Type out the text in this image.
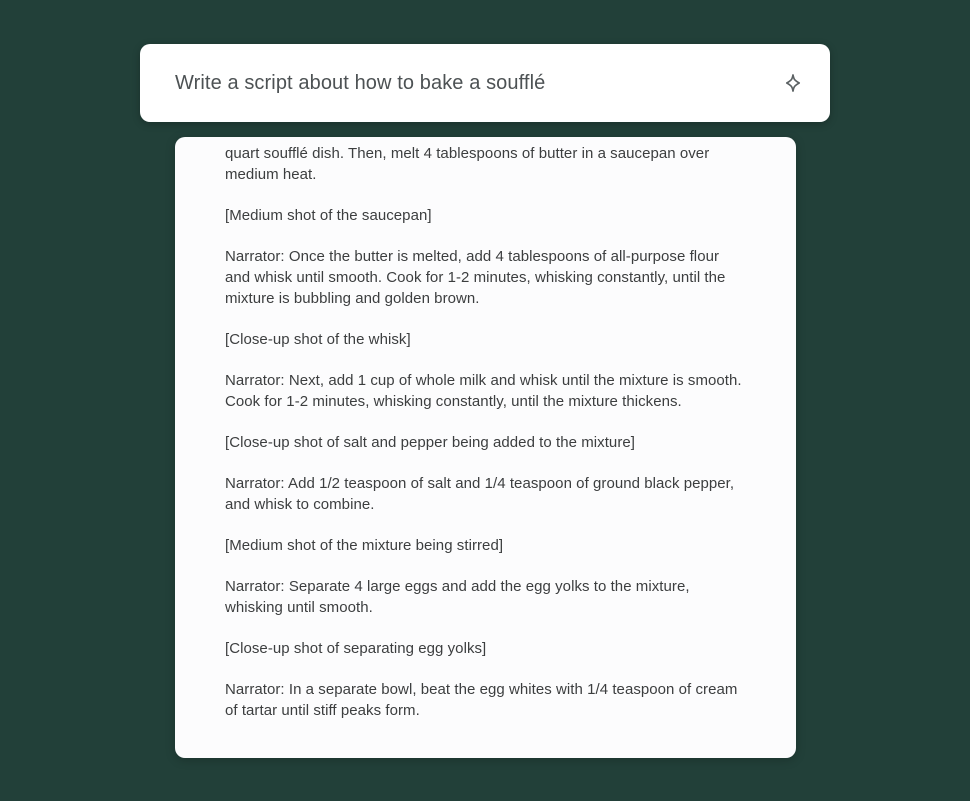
Write a script about how to bake a soufflé

quart soufflé dish. Then, melt 4 tablespoons of butter in a saucepan over medium heat.

[Medium shot of the saucepan]

Narrator: Once the butter is melted, add 4 tablespoons of all-purpose flour and whisk until smooth. Cook for 1-2 minutes, whisking constantly, until the mixture is bubbling and golden brown.

[Close-up shot of the whisk]

Narrator: Next, add 1 cup of whole milk and whisk until the mixture is smooth. Cook for 1-2 minutes, whisking constantly, until the mixture thickens.

[Close-up shot of salt and pepper being added to the mixture]

Narrator: Add 1/2 teaspoon of salt and 1/4 teaspoon of ground black pepper, and whisk to combine.

[Medium shot of the mixture being stirred]

Narrator: Separate 4 large eggs and add the egg yolks to the mixture, whisking until smooth.

[Close-up shot of separating egg yolks]

Narrator: In a separate bowl, beat the egg whites with 1/4 teaspoon of cream of tartar until stiff peaks form.
